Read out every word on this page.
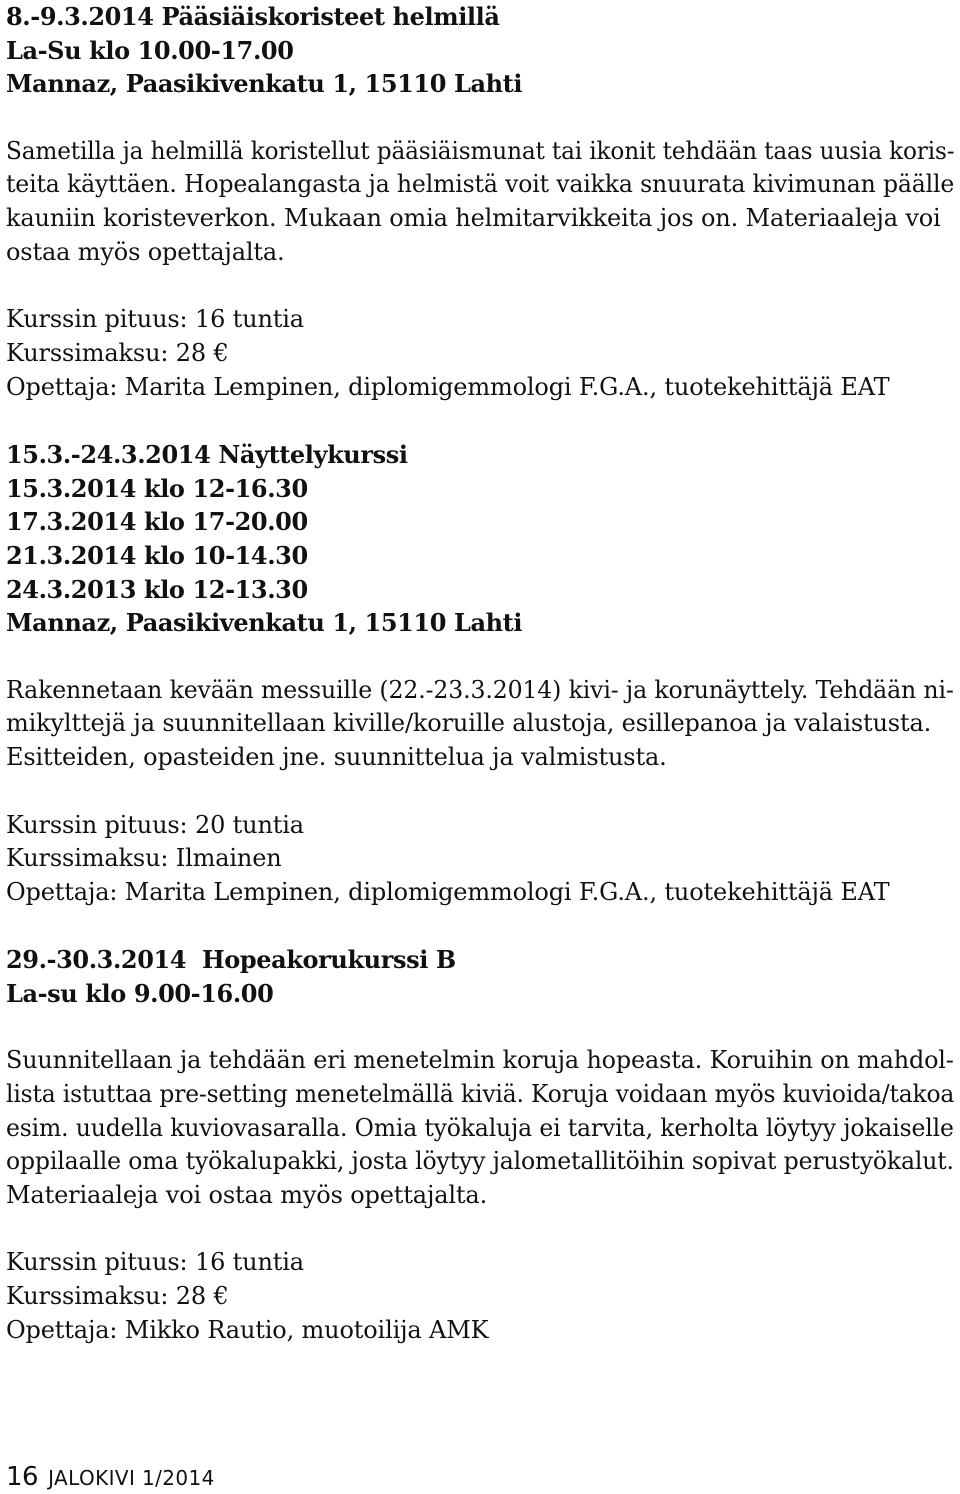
8.-9.3.2014 Pääsiäiskoristeet helmillä
La-Su klo 10.00-17.00
Mannaz, Paasikivenkatu 1, 15110 Lahti
Sametilla ja helmillä koristellut pääsiäismunat tai ikonit tehdään taas uusia koris-
teita käyttäen. Hopealangasta ja helmistä voit vaikka snuurata kivimunan päälle
kauniin koristeverkon. Mukaan omia helmitarvikkeita jos on. Materiaaleja voi
ostaa myös opettajalta.
Kurssin pituus: 16 tuntia
Kurssimaksu: 28 €
Opettaja: Marita Lempinen, diplomigemmologi F.G.A., tuotekehittäjä EAT
15.3.-24.3.2014 Näyttelykurssi
15.3.2014 klo 12-16.30
17.3.2014 klo 17-20.00
21.3.2014 klo 10-14.30
24.3.2013 klo 12-13.30
Mannaz, Paasikivenkatu 1, 15110 Lahti
Rakennetaan kevään messuille (22.-23.3.2014) kivi- ja korunäyttely. Tehdään ni-
mikylttejä ja suunnitellaan kiville/koruille alustoja, esillepanoa ja valaistusta.
Esitteiden, opasteiden jne. suunnittelua ja valmistusta.
Kurssin pituus: 20 tuntia
Kurssimaksu: Ilmainen
Opettaja: Marita Lempinen, diplomigemmologi F.G.A., tuotekehittäjä EAT
29.-30.3.2014  Hopeakorukurssi B
La-su klo 9.00-16.00
Suunnitellaan ja tehdään eri menetelmin koruja hopeasta. Koruihin on mahdol-
lista istuttaa pre-setting menetelmällä kiviä. Koruja voidaan myös kuvioida/takoa
esim. uudella kuviovasaralla. Omia työkaluja ei tarvita, kerholta löytyy jokaiselle
oppilaalle oma työkalupakki, josta löytyy jalometallitöihin sopivat perustyökalut.
Materiaaleja voi ostaa myös opettajalta.
Kurssin pituus: 16 tuntia
Kurssimaksu: 28 €
Opettaja: Mikko Rautio, muotoilija AMK
16 JALOKIVI 1/2014
